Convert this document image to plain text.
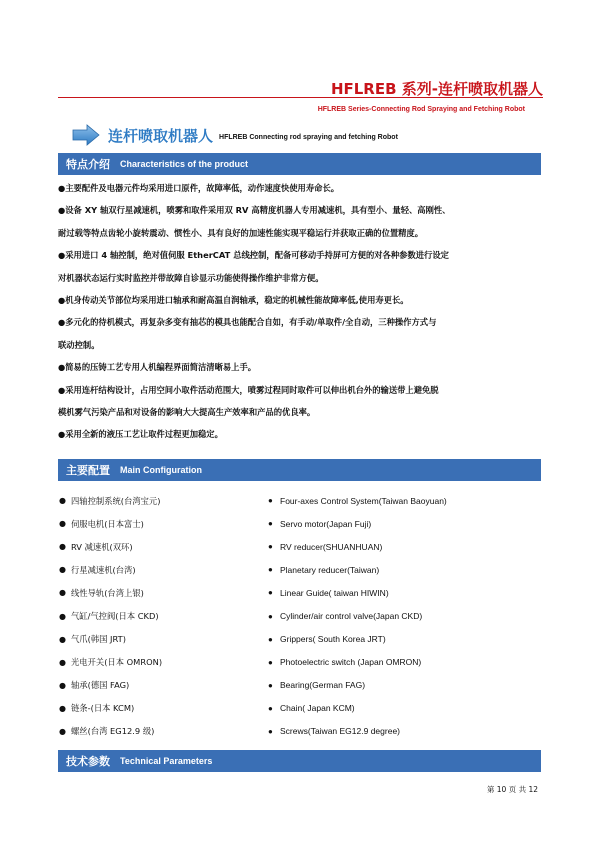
HFLREB 系列-连杆喷取机器人
HFLREB Series-Connecting Rod Spraying and Fetching Robot
连杆喷取机器人 HFLREB Connecting rod spraying and fetching Robot
特点介绍 Characteristics of the product

●主要配件及电器元件均采用进口原件，故障率低，动作速度快使用寿命长。

●设备 XY 轴双行星减速机，喷雾和取件采用双 RV 高精度机器人专用减速机，具有型小、量轻、高刚性、

耐过载等特点齿轮小旋转震动、惯性小、具有良好的加速性能实现平稳运行并获取正确的位置精度。

●采用进口 4 轴控制，绝对值伺服 EtherCAT 总线控制，配备可移动手持屏可方便的对各种参数进行设定

对机器状态运行实时监控并带故障自诊显示功能使得操作维护非常方便。

●机身传动关节部位均采用进口轴承和耐高温自润轴承，稳定的机械性能故障率低,使用寿更长。

●多元化的待机模式，再复杂多变有抽芯的模具也能配合自如，有手动/单取件/全自动，三种操作方式与

联动控制。

●简易的压铸工艺专用人机编程界面简洁清晰易上手。

●采用连杆结构设计，占用空间小取件活动范围大，喷雾过程同时取件可以伸出机台外的输送带上避免脱

模机雾气污染产品和对设备的影响大大提高生产效率和产品的优良率。

●采用全新的液压工艺让取件过程更加稳定。

主要配置 Main Configuration
● 四轴控制系统(台湾宝元)
● 伺服电机(日本富士)
● RV 减速机(双环)
● 行星减速机(台湾)
● 线性导轨(台湾上银)
● 气缸/气控阀(日本 CKD)
● 气爪(韩国 JRT)
● 光电开关(日本 OMRON)
● 轴承(德国 FAG)
● 链条-(日本 KCM)
● 螺丝(台湾 EG12.9 级)
● Four-axes Control System(Taiwan Baoyuan)
● Servo motor(Japan Fuji)
● RV reducer(SHUANHUAN)
● Planetary reducer(Taiwan)
● Linear Guide( taiwan HIWIN)
● Cylinder/air control valve(Japan CKD)
● Grippers( South Korea JRT)
● Photoelectric switch (Japan OMRON)
● Bearing(German FAG)
● Chain( Japan KCM)
● Screws(Taiwan EG12.9 degree)
技术参数 Technical Parameters
第 10 页 共 12
